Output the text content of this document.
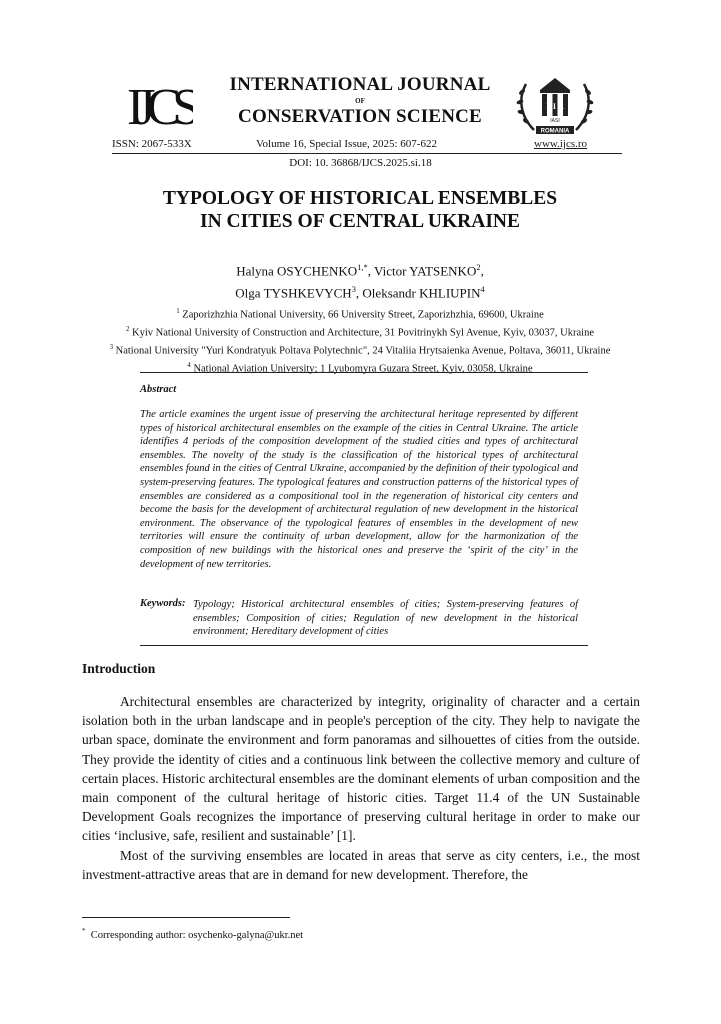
IJCS	INTERNATIONAL JOURNAL
OF
CONSERVATION SCIENCE	F I R
IASI
ROMANIA
ISSN: 2067-533X	Volume 16, Special Issue, 2025: 607-622	www.ijcs.ro
DOI: 10. 36868/IJCS.2025.si.18
TYPOLOGY OF HISTORICAL ENSEMBLES
IN CITIES OF CENTRAL UKRAINE
Halyna $OSYCHENKO^{1,*}$, Victor YATSENKO$^2$,
Olga TYSHKEVYCH$^3$, Oleksandr KHLIUPIN$^4$
$^1$ Zaporizhzhia National University, 66 University Street, Zaporizhzhia, 69600, Ukraine
$^2$ Kyiv National University of Construction and Architecture, 31 Povitrinykh Syl Avenue, Kyiv, 03037, Ukraine
$^3$ National University "Yuri Kondratyuk Poltava Polytechnic", 24 Vitaliia Hrytsaienka Avenue, Poltava, 36011, Ukraine
$^4$ National Aviation University; 1 Lyubomyra Guzara Street, Kyiv, 03058, Ukraine
Abstract
The article examines the urgent issue of preserving the architectural heritage represented by different types of historical architectural ensembles on the example of the cities in Central Ukraine. The article identifies 4 periods of the composition development of the studied cities and types of architectural ensembles. The novelty of the study is the classification of the historical types of architectural ensembles found in the cities of Central Ukraine, accompanied by the definition of their typological and system-preserving features. The typological features and construction patterns of the historical types of ensembles are considered as a compositional tool in the regeneration of historical city centers and become the basis for the development of architectural regulation of new development in the historical environment. The observance of the typological features of ensembles in the development of new territories will ensure the continuity of urban development, allow for the harmonization of the composition of new buildings with the historical ones and preserve the ‘spirit of the city’ in the development of new territories.
Keywords: Typology; Historical architectural ensembles of cities; System-preserving features of ensembles; Composition of cities; Regulation of new development in the historical environment; Hereditary development of cities
Introduction

Architectural ensembles are characterized by integrity, originality of character and a certain isolation both in the urban landscape and in people's perception of the city. They help to navigate the urban space, dominate the environment and form panoramas and silhouettes of cities from the outside. They provide the identity of cities and a continuous link between the collective memory and culture of certain places. Historic architectural ensembles are the dominant elements of urban composition and the main component of the cultural heritage of historic cities. Target 11.4 of the UN Sustainable Development Goals recognizes the importance of preserving cultural heritage in order to make our cities ‘inclusive, safe, resilient and sustainable’ [1].

Most of the surviving ensembles are located in areas that serve as city centers, i.e., the most investment-attractive areas that are in demand for new development. Therefore, the

* Corresponding author: osychenko-galyna@ukr.net
